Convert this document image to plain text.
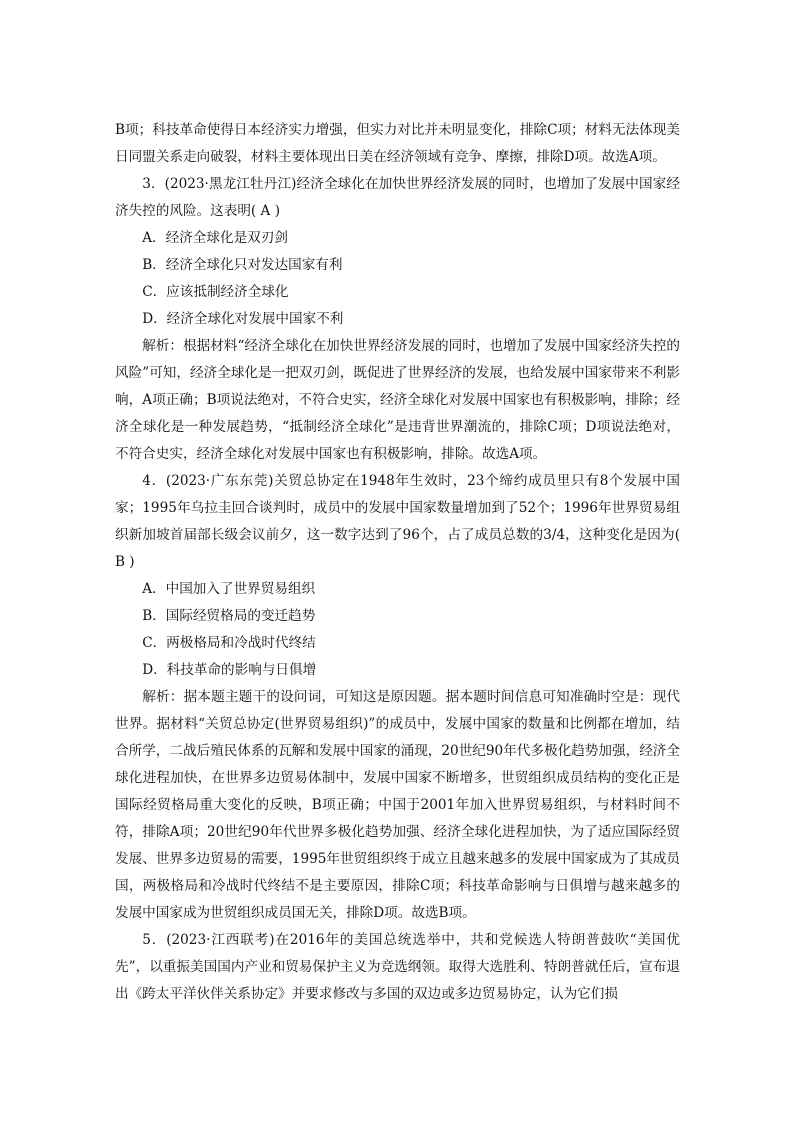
B项；科技革命使得日本经济实力增强，但实力对比并未明显变化，排除C项；材料无法体现美日同盟关系走向破裂，材料主要体现出日美在经济领域有竞争、摩擦，排除D项。故选A项。

3．(2023·黑龙江牡丹江)经济全球化在加快世界经济发展的同时，也增加了发展中国家经济失控的风险。这表明( A )

A．经济全球化是双刃剑

B．经济全球化只对发达国家有利

C．应该抵制经济全球化

D．经济全球化对发展中国家不利

解析：根据材料“经济全球化在加快世界经济发展的同时，也增加了发展中国家经济失控的风险”可知，经济全球化是一把双刃剑，既促进了世界经济的发展，也给发展中国家带来不利影响，A项正确；B项说法绝对，不符合史实，经济全球化对发展中国家也有积极影响，排除；经济全球化是一种发展趋势，“抵制经济全球化”是违背世界潮流的，排除C项；D项说法绝对，不符合史实，经济全球化对发展中国家也有积极影响，排除。故选A项。

4．(2023·广东东莞)关贸总协定在1948年生效时，23个缔约成员里只有8个发展中国家；1995年乌拉圭回合谈判时，成员中的发展中国家数量增加到了52个；1996年世界贸易组织新加坡首届部长级会议前夕，这一数字达到了96个，占了成员总数的3/4，这种变化是因为( B )

A．中国加入了世界贸易组织

B．国际经贸格局的变迁趋势

C．两极格局和冷战时代终结

D．科技革命的影响与日俱增

解析：据本题主题干的设问词，可知这是原因题。据本题时间信息可知准确时空是：现代世界。据材料“关贸总协定(世界贸易组织)”的成员中，发展中国家的数量和比例都在增加，结合所学，二战后殖民体系的瓦解和发展中国家的涌现，20世纪90年代多极化趋势加强，经济全球化进程加快，在世界多边贸易体制中，发展中国家不断增多，世贸组织成员结构的变化正是国际经贸格局重大变化的反映，B项正确；中国于2001年加入世界贸易组织，与材料时间不符，排除A项；20世纪90年代世界多极化趋势加强、经济全球化进程加快，为了适应国际经贸发展、世界多边贸易的需要，1995年世贸组织终于成立且越来越多的发展中国家成为了其成员国，两极格局和冷战时代终结不是主要原因，排除C项；科技革命影响与日俱增与越来越多的发展中国家成为世贸组织成员国无关，排除D项。故选B项。

5．(2023·江西联考)在2016年的美国总统选举中，共和党候选人特朗普鼓吹“美国优先”，以重振美国国内产业和贸易保护主义为竞选纲领。取得大选胜利、特朗普就任后，宣布退出《跨太平洋伙伴关系协定》并要求修改与多国的双边或多边贸易协定，认为它们损
